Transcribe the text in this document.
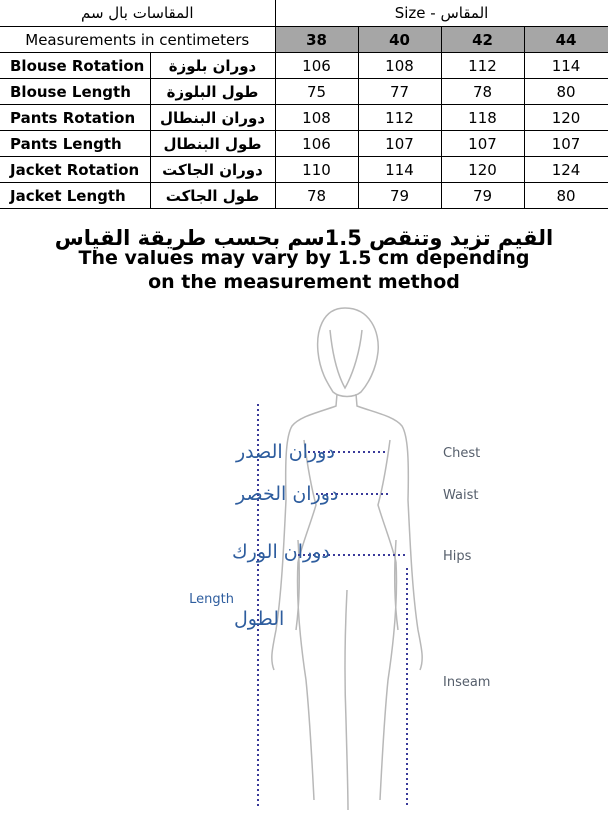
المقاسات بال سم		Size - المقاس			
Measurements in centimeters		38	40	42	44
Blouse Rotation	دوران بلوزة	106	108	112	114
Blouse Length	طول البلوزة	75	77	78	80
Pants Rotation	دوران البنطال	108	112	118	120
Pants Length	طول البنطال	106	107	107	107
Jacket Rotation	دوران الجاكت	110	114	120	124
Jacket Length	طول الجاكت	78	79	79	80
القيم تزيد وتنقص 1.5سم بحسب طريقة القياس
The values may vary by 1.5 cm depending
on the measurement method
دوران الصدر
دوران الخصر
دوران الورك
Length
الطول
Chest
Waist
Hips
Inseam
